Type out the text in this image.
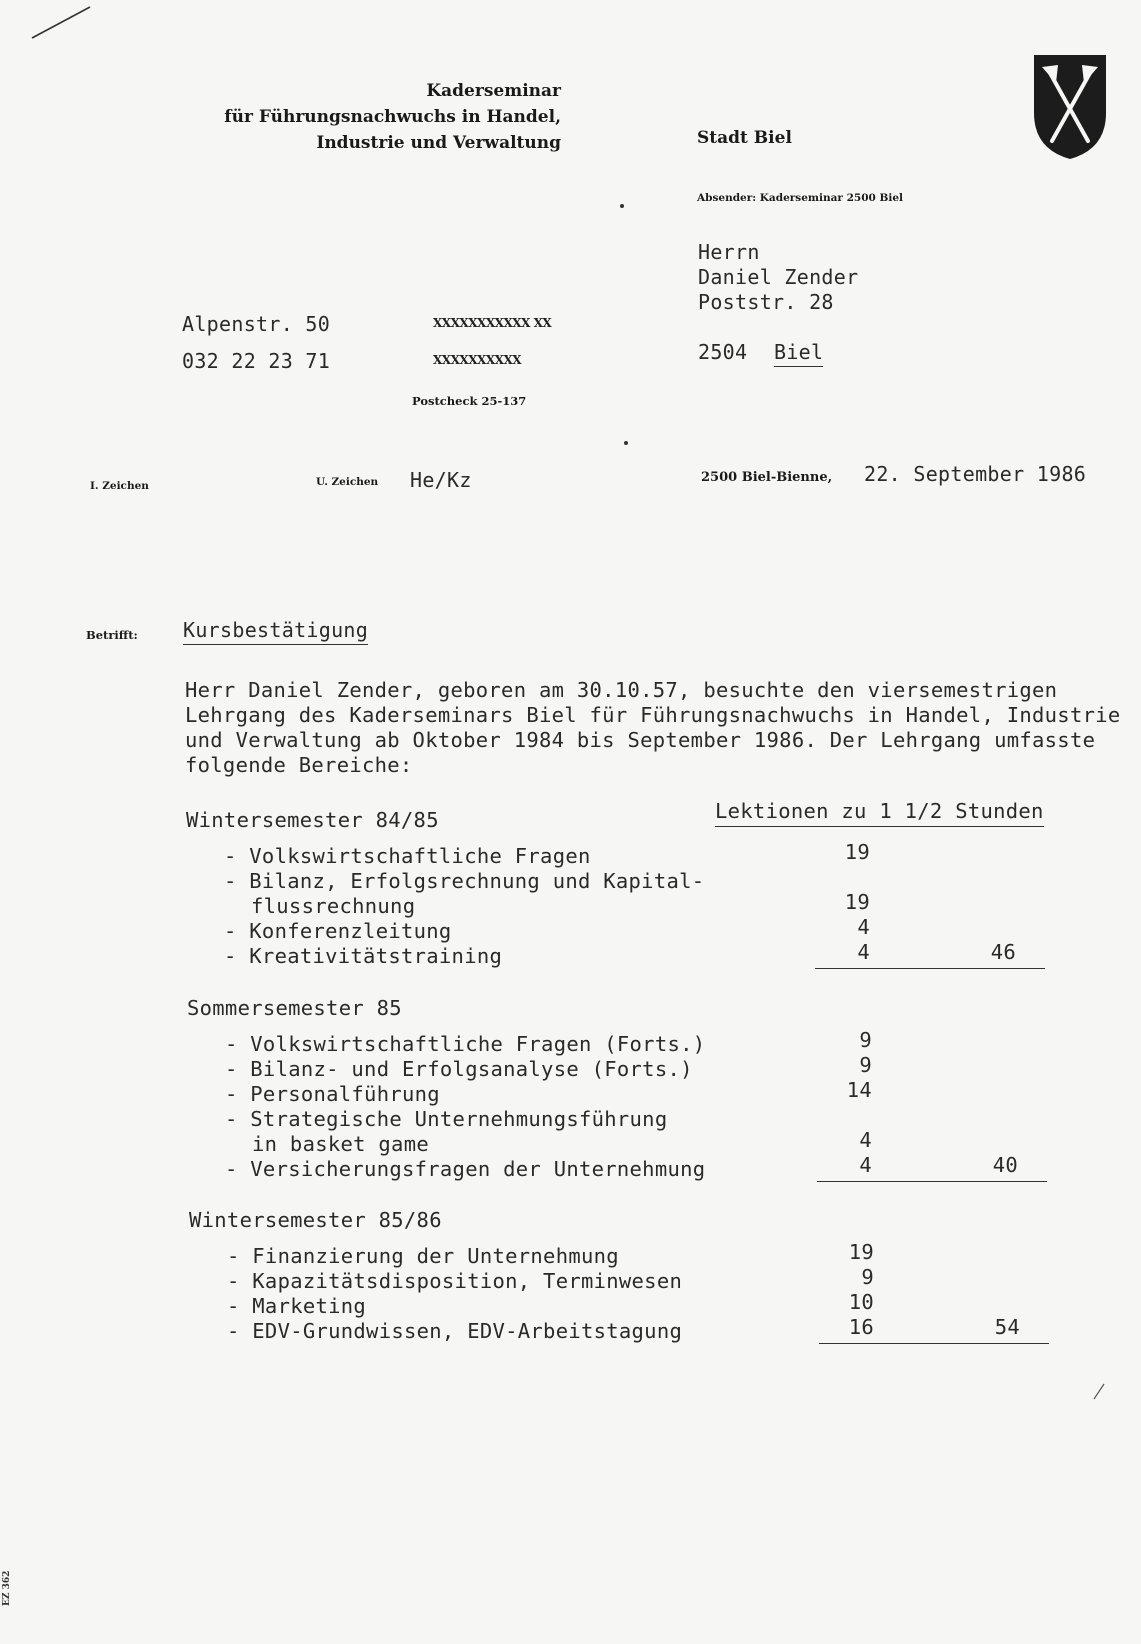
Kaderseminar
für Führungsnachwuchs in Handel,
Industrie und Verwaltung	Stadt Biel
Absender: Kaderseminar 2500 Biel
Herrn
Daniel Zender
Poststr. 28
2504 Biel
Alpenstr. 50
032 22 23 71
XXXXXXXXXXX XX
XXXXXXXXXX
Postcheck 25-137
I. Zeichen	U. Zeichen He/Kz	2500 Biel-Bienne, 22. September 1986
Betrifft: Kursbestätigung
Herr Daniel Zender, geboren am 30.10.57, besuchte den viersemestrigen
Lehrgang des Kaderseminars Biel für Führungsnachwuchs in Handel, Industrie
und Verwaltung ab Oktober 1984 bis September 1986. Der Lehrgang umfasste
folgende Bereiche:
Lektionen zu 1 1/2 Stunden
Wintersemester 84/85
- Volkswirtschaftliche Fragen	19
- Bilanz, Erfolgsrechnung und Kapital-
flussrechnung	19
- Konferenzleitung	4
- Kreativitätstraining	4	46
Sommersemester 85
- Volkswirtschaftliche Fragen (Forts.)	9
- Bilanz- und Erfolgsanalyse (Forts.)	9
- Personalführung	14
- Strategische Unternehmungsführung
in basket game	4
- Versicherungsfragen der Unternehmung	4	40
Wintersemester 85/86
- Finanzierung der Unternehmung	19
- Kapazitätsdisposition, Terminwesen	9
- Marketing	10
- EDV-Grundwissen, EDV-Arbeitstagung	16	54
EZ 362
